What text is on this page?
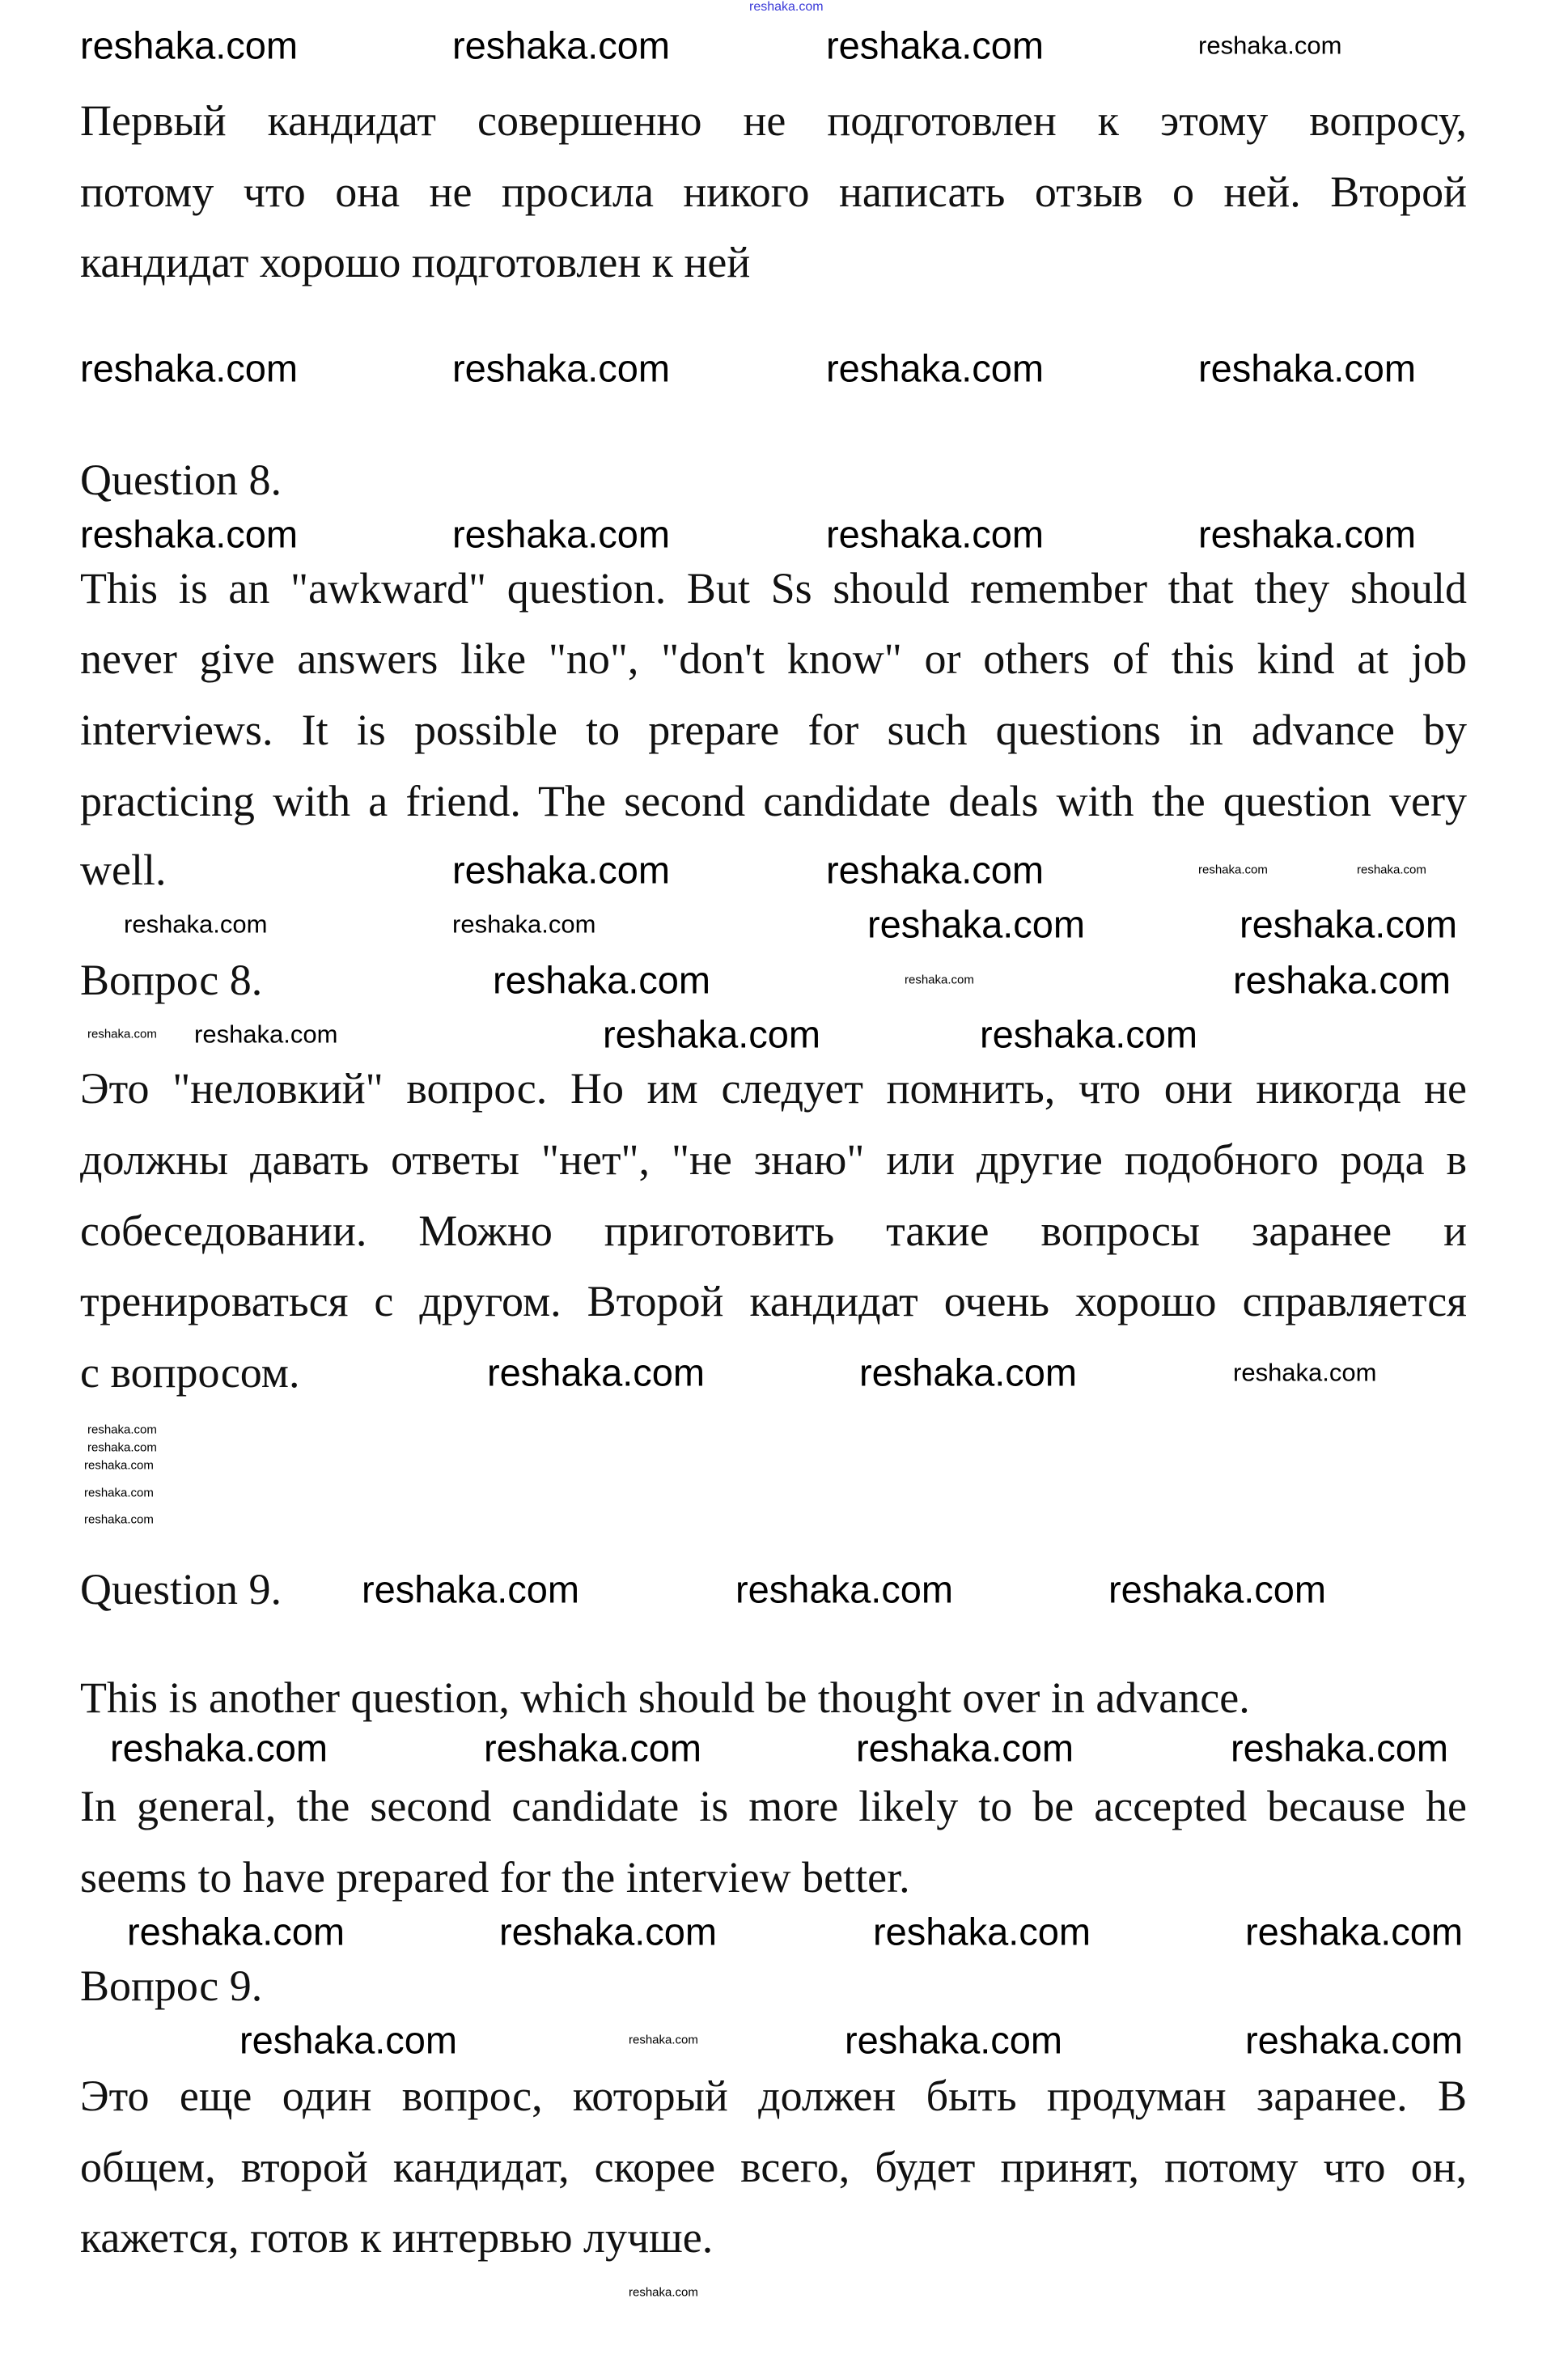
Первый кандидат совершенно не подготовлен к этому вопросу,
потому что она не просила никого написать отзыв о ней. Второй
кандидат хорошо подготовлен к ней
Question 8.
This is an "awkward" question. But Ss should remember that they should
never give answers like "no", "don't know" or others of this kind at job
interviews. It is possible to prepare for such questions in advance by
practicing with a friend. The second candidate deals with the question very
well.
Вопрос 8.
Это "неловкий" вопрос. Но им следует помнить, что они никогда не
должны давать ответы "нет", "не знаю" или другие подобного рода в
собеседовании. Можно приготовить такие вопросы заранее и
тренироваться с другом. Второй кандидат очень хорошо справляется
с вопросом.
Question 9.
This is another question, which should be thought over in advance.
In general, the second candidate is more likely to be accepted because he
seems to have prepared for the interview better.
Вопрос 9.
Это еще один вопрос, который должен быть продуман заранее. В
общем, второй кандидат, скорее всего, будет принят, потому что он,
кажется, готов к интервью лучше.
reshaka.com
reshaka.com	reshaka.com	reshaka.com	reshaka.com
reshaka.com	reshaka.com	reshaka.com	reshaka.com
reshaka.com	reshaka.com	reshaka.com	reshaka.com
reshaka.com
reshaka.com	reshaka.com
reshaka.com	reshaka.com
reshaka.com	reshaka.com
reshaka.com
reshaka.com
reshaka.com
reshaka.com	reshaka.com	reshaka.com
reshaka.com	reshaka.com
reshaka.com
reshaka.com
reshaka.com	reshaka.com	reshaka.com
reshaka.com
reshaka.com
reshaka.com
reshaka.com	reshaka.com	reshaka.com
reshaka.com	reshaka.com	reshaka.com	reshaka.com
reshaka.com	reshaka.com	reshaka.com	reshaka.com
reshaka.com	reshaka.com	reshaka.com	reshaka.com
reshaka.com
